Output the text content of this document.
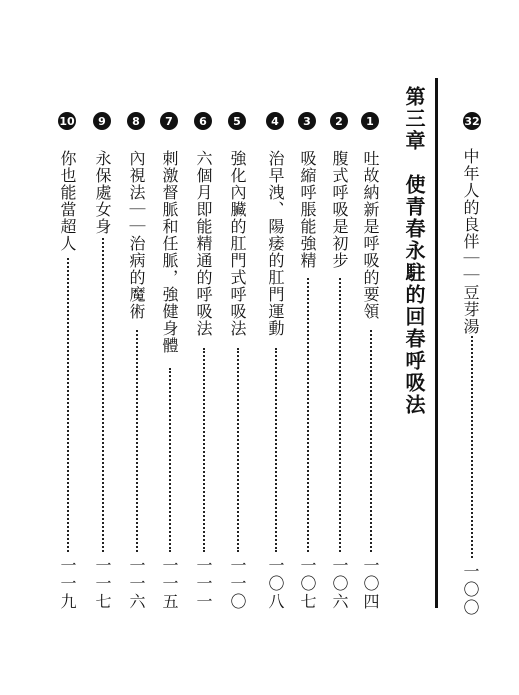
32
中年人的良伴｜｜豆芽湯
一〇〇
第三章　使青春永駐的回春呼吸法
1
吐故納新是呼吸的要領
一〇四
2
腹式呼吸是初步
一〇六
3
吸縮呼脹能強精
一〇七
4
治早洩、陽痿的肛門運動
一〇八
5
強化內臟的肛門式呼吸法
一一〇
6
六個月即能精通的呼吸法
一一一
7
刺激督脈和任脈，強健身體
一一五
8
內視法｜｜治病的魔術
一一六
9
永保處女身
一一七
10
你也能當超人
一一九
